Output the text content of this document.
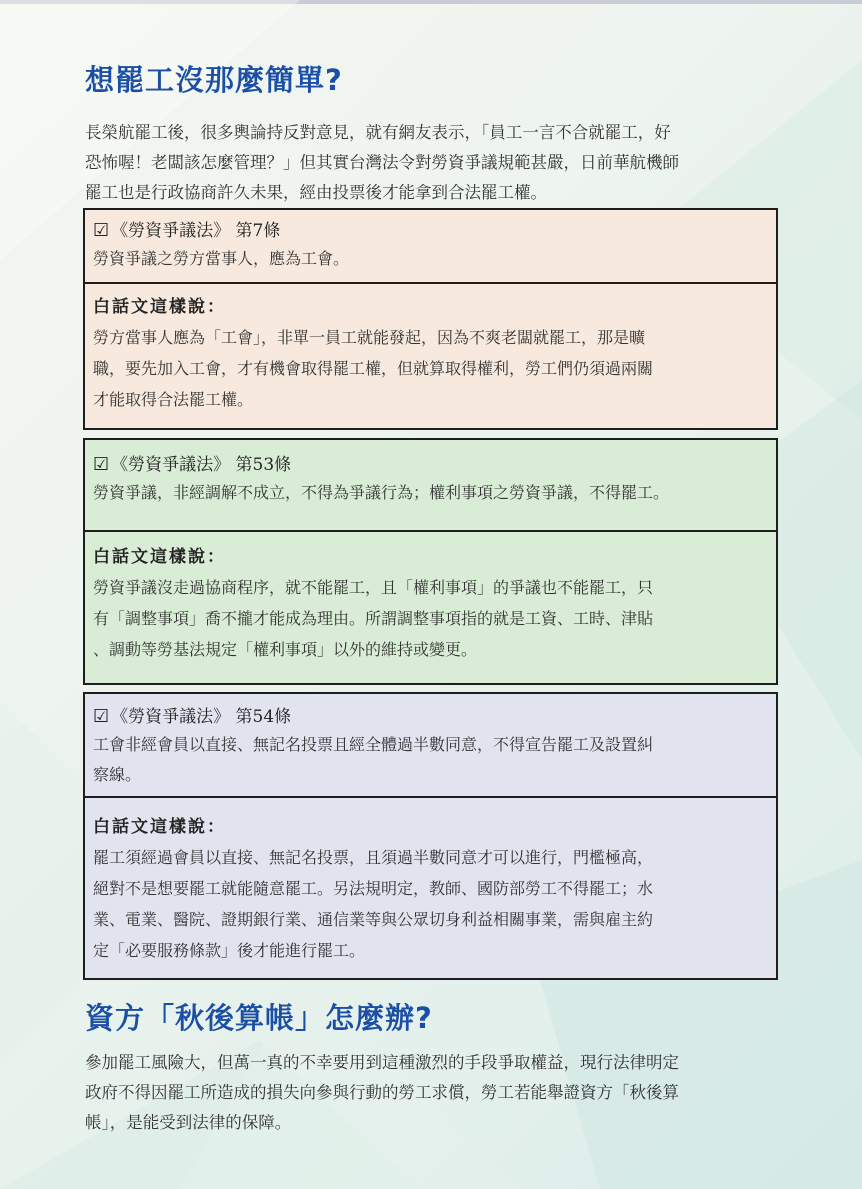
想罷工沒那麼簡單?
長榮航罷工後，很多輿論持反對意見，就有網友表示，「員工一言不合就罷工，好
恐怖喔！老闆該怎麼管理？」但其實台灣法令對勞資爭議規範甚嚴，日前華航機師
罷工也是行政協商許久未果，經由投票後才能拿到合法罷工權。
☑ 《勞資爭議法》 第7條
勞資爭議之勞方當事人，應為工會。
白話文這樣說：
勞方當事人應為「工會」，非單一員工就能發起，因為不爽老闆就罷工，那是曠
職，要先加入工會，才有機會取得罷工權，但就算取得權利，勞工們仍須過兩關
才能取得合法罷工權。
☑ 《勞資爭議法》 第53條
勞資爭議，非經調解不成立，不得為爭議行為；權利事項之勞資爭議，不得罷工。
白話文這樣說：
勞資爭議沒走過協商程序，就不能罷工，且「權利事項」的爭議也不能罷工，只
有「調整事項」喬不攏才能成為理由。所謂調整事項指的就是工資、工時、津貼
、調動等勞基法規定「權利事項」以外的維持或變更。
☑ 《勞資爭議法》 第54條
工會非經會員以直接、無記名投票且經全體過半數同意，不得宣告罷工及設置糾
察線。
白話文這樣說：
罷工須經過會員以直接、無記名投票，且須過半數同意才可以進行，門檻極高，
絕對不是想要罷工就能隨意罷工。另法規明定，教師、國防部勞工不得罷工；水
業、電業、醫院、證期銀行業、通信業等與公眾切身利益相關事業，需與雇主約
定「必要服務條款」後才能進行罷工。
資方「秋後算帳」怎麼辦?
參加罷工風險大，但萬一真的不幸要用到這種激烈的手段爭取權益，現行法律明定
政府不得因罷工所造成的損失向參與行動的勞工求償，勞工若能舉證資方「秋後算
帳」，是能受到法律的保障。
